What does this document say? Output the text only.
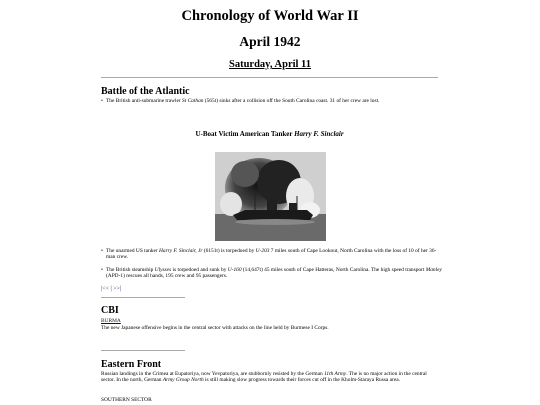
Chronology of World War II
April 1942
Saturday, April 11
Battle of the Atlantic
• The British anti-submarine trawler St Cathan (565t) sinks after a collision off the South Carolina coast. 31 of her crew are lost.
U-Boat Victim American Tanker Harry F. Sinclair
• The unarmed US tanker Harry F. Sinclair, Jr (6151t) is torpedoed by U-203 7 miles south of Cape Lookout, North Carolina with the loss of 10 of her 36-man crew.
• The British steamship Ulysses is torpedoed and sunk by U-160 (14,647t) 45 miles south of Cape Hatteras, North Carolina. The high speed transport Manley (APD-1) rescues all hands, 195 crew and 95 passengers.
|<< | >>|
CBI
BURMA
The new Japanese offensive begins in the central sector with attacks on the line held by Burmese I Corps.
Eastern Front
Russian landings in the Crimea at Eupatoriya, now Yevpatoriya, are stubbornly resisted by the German 11th Army. The is no major action in the central sector. In the north, German Army Group North is still making slow progress towards their forces cut off in the Kholm-Staraya Russa area.
SOUTHERN SECTOR
